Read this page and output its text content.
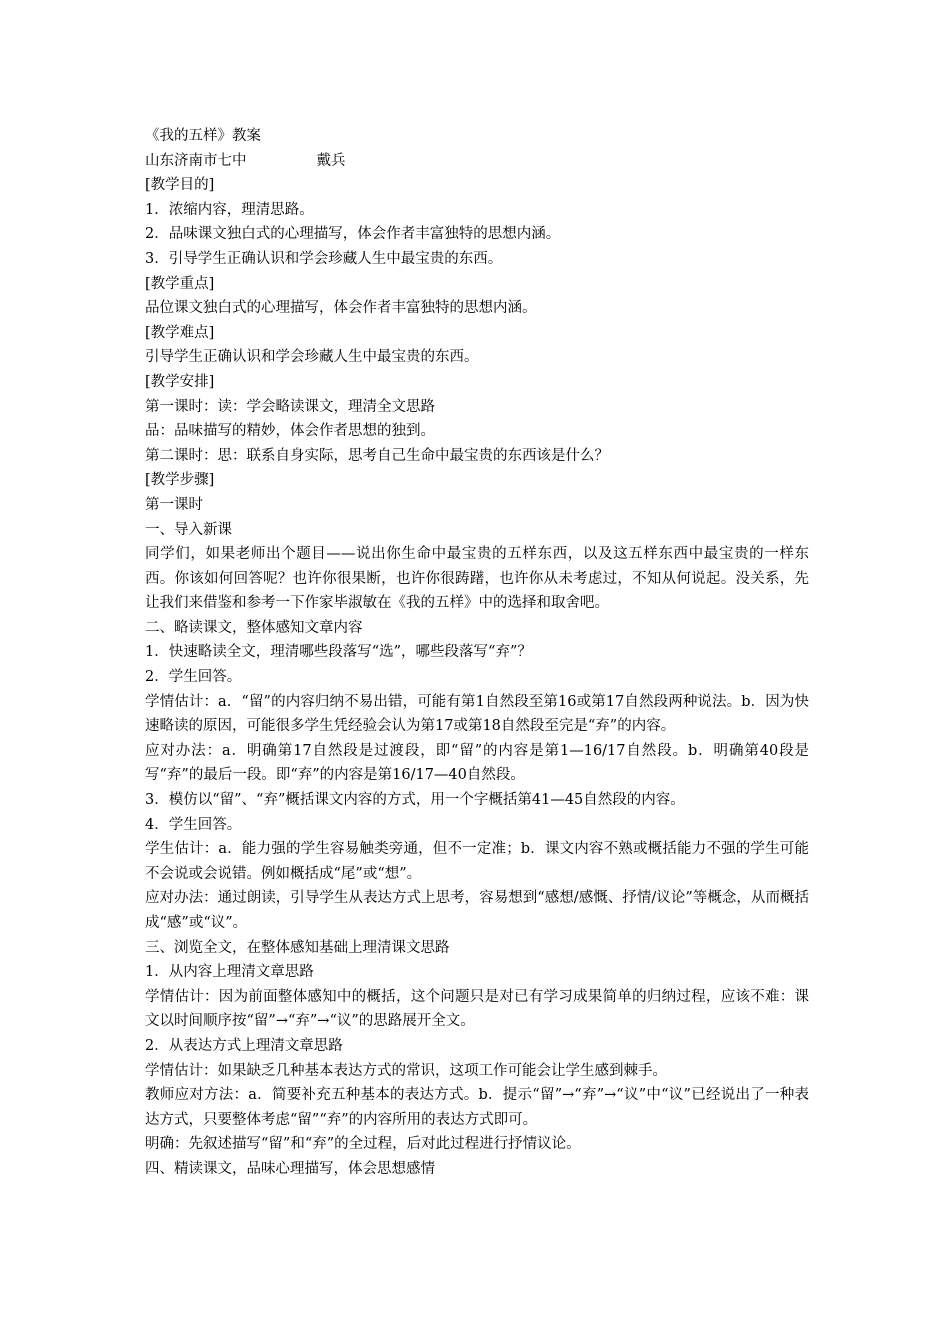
《我的五样》教案

山东济南市七中	戴兵

[教学目的]

1．浓缩内容，理清思路。

2．品味课文独白式的心理描写，体会作者丰富独特的思想内涵。

3．引导学生正确认识和学会珍藏人生中最宝贵的东西。

[教学重点]

品位课文独白式的心理描写，体会作者丰富独特的思想内涵。

[教学难点]

引导学生正确认识和学会珍藏人生中最宝贵的东西。

[教学安排]

第一课时：读：学会略读课文，理清全文思路

品：品味描写的精妙，体会作者思想的独到。

第二课时：思：联系自身实际，思考自己生命中最宝贵的东西该是什么？

[教学步骤]

第一课时

一、导入新课

同学们，如果老师出个题目——说出你生命中最宝贵的五样东西，以及这五样东西中最宝贵的一样东西。你该如何回答呢？也许你很果断，也许你很踌躇，也许你从未考虑过，不知从何说起。没关系，先让我们来借鉴和参考一下作家毕淑敏在《我的五样》中的选择和取舍吧。

二、略读课文，整体感知文章内容

1．快速略读全文，理清哪些段落写“选”，哪些段落写“弃”？

2．学生回答。

学情估计：a．“留”的内容归纳不易出错，可能有第1自然段至第16或第17自然段两种说法。b．因为快速略读的原因，可能很多学生凭经验会认为第17或第18自然段至完是“弃”的内容。

应对办法：a．明确第17自然段是过渡段，即“留”的内容是第1—16/17自然段。b．明确第40段是写“弃”的最后一段。即“弃”的内容是第16/17—40自然段。

3．模仿以“留”、“弃”概括课文内容的方式，用一个字概括第41—45自然段的内容。

4．学生回答。

学生估计：a．能力强的学生容易触类旁通，但不一定准；b．课文内容不熟或概括能力不强的学生可能不会说或会说错。例如概括成“尾”或“想”。

应对办法：通过朗读，引导学生从表达方式上思考，容易想到“感想/感慨、抒情/议论”等概念，从而概括成“感”或“议”。

三、浏览全文，在整体感知基础上理清课文思路

1．从内容上理清文章思路

学情估计：因为前面整体感知中的概括，这个问题只是对已有学习成果简单的归纳过程，应该不难：课文以时间顺序按“留”→“弃”→“议”的思路展开全文。

2．从表达方式上理清文章思路

学情估计：如果缺乏几种基本表达方式的常识，这项工作可能会让学生感到棘手。

教师应对方法：a．简要补充五种基本的表达方式。b．提示“留”→“弃”→“议”中“议”已经说出了一种表达方式，只要整体考虑“留”“弃”的内容所用的表达方式即可。

明确：先叙述描写“留”和“弃”的全过程，后对此过程进行抒情议论。

四、精读课文，品味心理描写，体会思想感情
